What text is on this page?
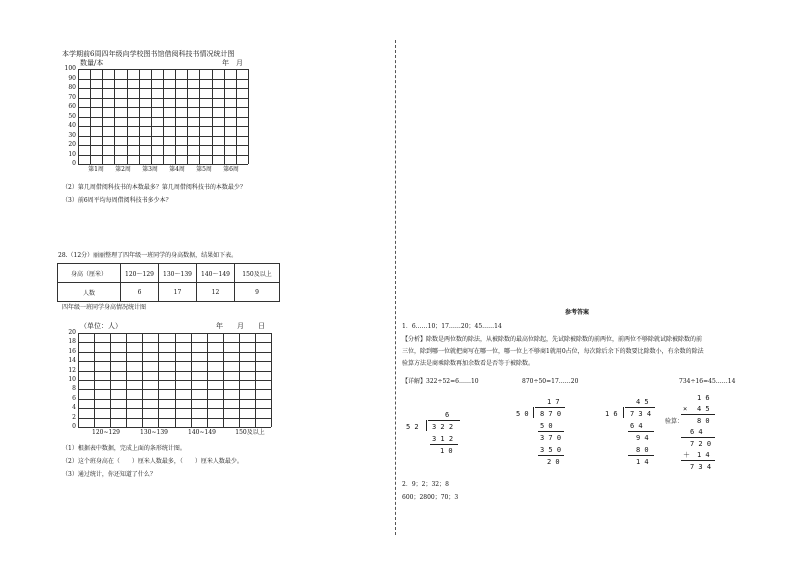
本学期前6周四年级向学校图书馆借阅科技书情况统计图
数量/本	年　月
100
90
80
70
60
50
40
30
20
10
0
第1周	第2周	第3周	第4周	第5周	第6周
（2）第几周借阅科技书的本数最多？第几周借阅科技书的本数最少？
（3）前6周平均每周借阅科技书多少本？
28.（12分）丽丽整理了四年级一班同学的身高数据，结果如下表。
身高（厘米）	120～129	130～139	140～149	150及以上
人数	6	17	12	9
四年级一班同学身高情况统计图
（单位：人）	年　　月　　日
20
18
16
14
12
10
8
6
4
2
0
120~129	130~139	140~149	150及以上
（1）根据表中数据，完成上面的条形统计图。
（2）这个班身高在（　　）厘米人数最多，（　　）厘米人数最少。
（3）通过统计，你还知道了什么？
参考答案
1．6……10；17……20；45……14
【分析】除数是两位数的除法，从被除数的最高位除起，先试除被除数的前两位，前两位不够除就试除被除数的前
三位，除到哪一位就把商写在哪一位，哪一位上不够商1就用0占位，每次除后余下的数要比除数小，有余数的除法
验算方法是商乘除数再加余数看是否等于被除数。
【详解】322÷52=6……10	870÷50=17……20	734÷16=45……14
6
5 2 3 2 2
3 1 2
1 0
1 7
5 0 8 7 0
5 0
3 7 0
3 5 0
2 0
4 5
1 6 7 3 4
6 4
9 4
8 0
1 4
验算：
1 6
× 4 5
8 0
6 4
7 2 0
＋ 1 4
7 3 4
2．9；2；32；8
600；2800；70；3
